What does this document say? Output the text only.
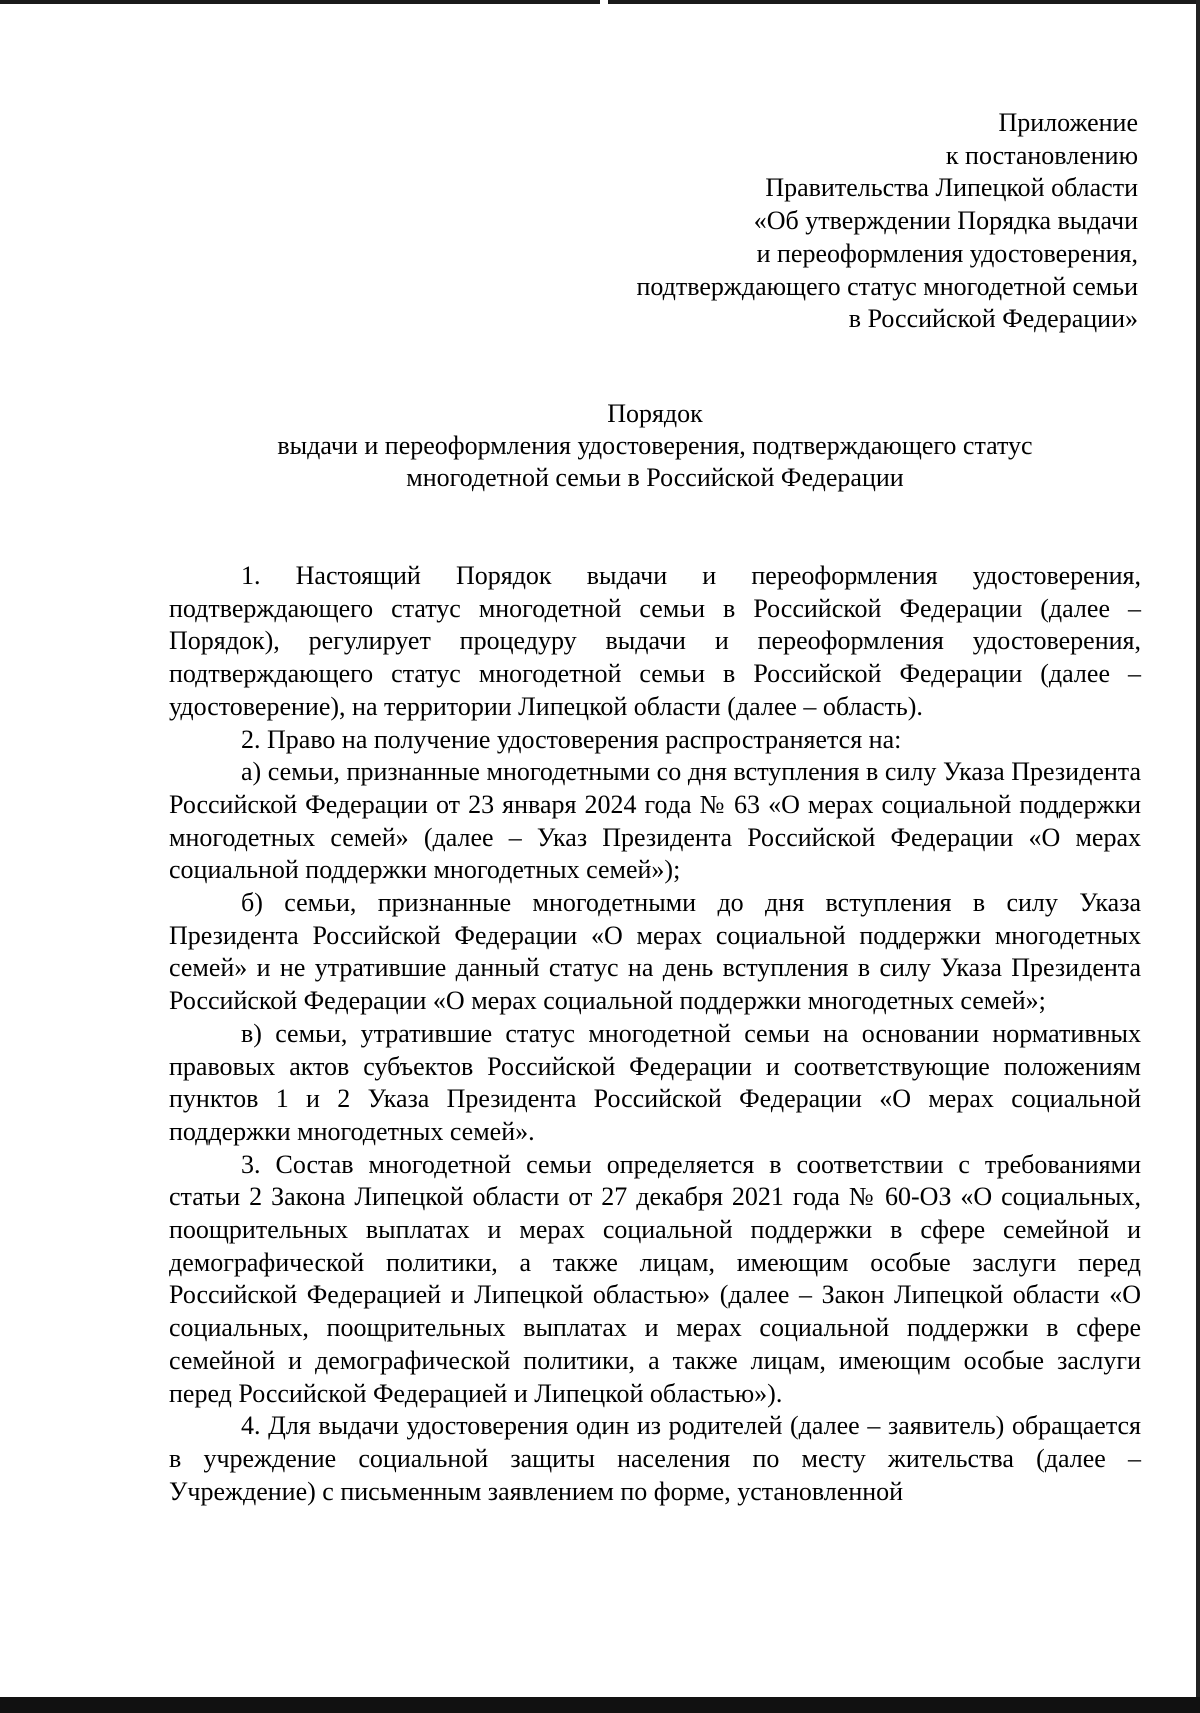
Приложение
к постановлению
Правительства Липецкой области
«Об утверждении Порядка выдачи
и переоформления удостоверения,
подтверждающего статус многодетной семьи
в Российской Федерации»
Порядок
выдачи и переоформления удостоверения, подтверждающего статус
многодетной семьи в Российской Федерации

1. Настоящий Порядок выдачи и переоформления удостоверения, подтверждающего статус многодетной семьи в Российской Федерации (далее – Порядок), регулирует процедуру выдачи и переоформления удостоверения, подтверждающего статус многодетной семьи в Российской Федерации (далее – удостоверение), на территории Липецкой области (далее – область).

2. Право на получение удостоверения распространяется на:

а) семьи, признанные многодетными со дня вступления в силу Указа Президента Российской Федерации от 23 января 2024 года № 63 «О мерах социальной поддержки многодетных семей» (далее – Указ Президента Российской Федерации «О мерах социальной поддержки многодетных семей»);

б) семьи, признанные многодетными до дня вступления в силу Указа Президента Российской Федерации «О мерах социальной поддержки многодетных семей» и не утратившие данный статус на день вступления в силу Указа Президента Российской Федерации «О мерах социальной поддержки многодетных семей»;

в) семьи, утратившие статус многодетной семьи на основании нормативных правовых актов субъектов Российской Федерации и соответствующие положениям пунктов 1 и 2 Указа Президента Российской Федерации «О мерах социальной поддержки многодетных семей».

3. Состав многодетной семьи определяется в соответствии с требованиями статьи 2 Закона Липецкой области от 27 декабря 2021 года № 60-ОЗ «О социальных, поощрительных выплатах и мерах социальной поддержки в сфере семейной и демографической политики, а также лицам, имеющим особые заслуги перед Российской Федерацией и Липецкой областью» (далее – Закон Липецкой области «О социальных, поощрительных выплатах и мерах социальной поддержки в сфере семейной и демографической политики, а также лицам, имеющим особые заслуги перед Российской Федерацией и Липецкой областью»).

4. Для выдачи удостоверения один из родителей (далее – заявитель) обращается в учреждение социальной защиты населения по месту жительства (далее – Учреждение) с письменным заявлением по форме, установленной
